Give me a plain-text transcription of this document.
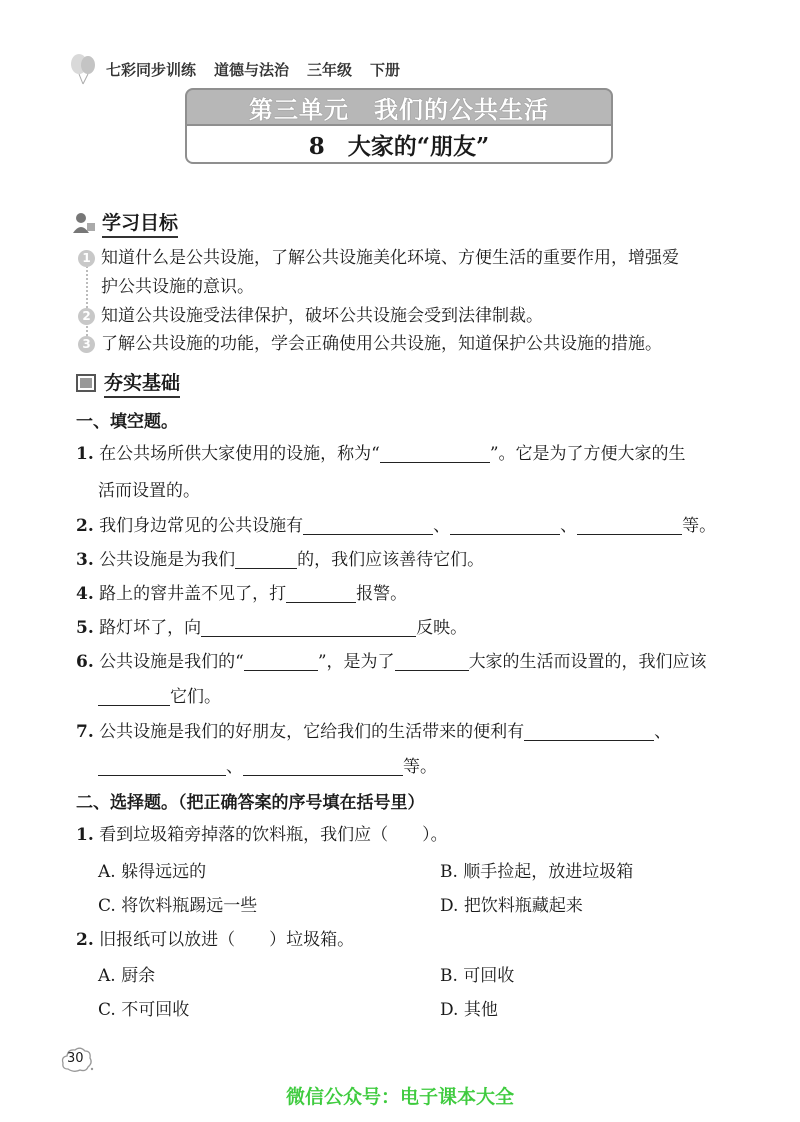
七彩同步训练 道德与法治 三年级 下册
第三单元　我们的公共生活
8　大家的“朋友”
学习目标
1 知道什么是公共设施，了解公共设施美化环境、方便生活的重要作用，增强爱
护公共设施的意识。
2 知道公共设施受法律保护，破坏公共设施会受到法律制裁。
3 了解公共设施的功能，学会正确使用公共设施，知道保护公共设施的措施。
夯实基础
一、填空题。
1. 在公共场所供大家使用的设施，称为“	”。它是为了方便大家的生
活而设置的。
2. 我们身边常见的公共设施有	、	、	等。
3. 公共设施是为我们	的，我们应该善待它们。
4. 路上的窨井盖不见了，打	报警。
5. 路灯坏了，向	反映。
6. 公共设施是我们的“	”，是为了	大家的生活而设置的，我们应该
它们。
7. 公共设施是我们的好朋友，它给我们的生活带来的便利有	、
、	等。
二、选择题。（把正确答案的序号填在括号里）
1. 看到垃圾箱旁掉落的饮料瓶，我们应（　　）。
A. 躲得远远的	B. 顺手捡起，放进垃圾箱
C. 将饮料瓶踢远一些	D. 把饮料瓶藏起来
2. 旧报纸可以放进（　　）垃圾箱。
A. 厨余	B. 可回收
C. 不可回收	D. 其他
30
微信公众号：电子课本大全
